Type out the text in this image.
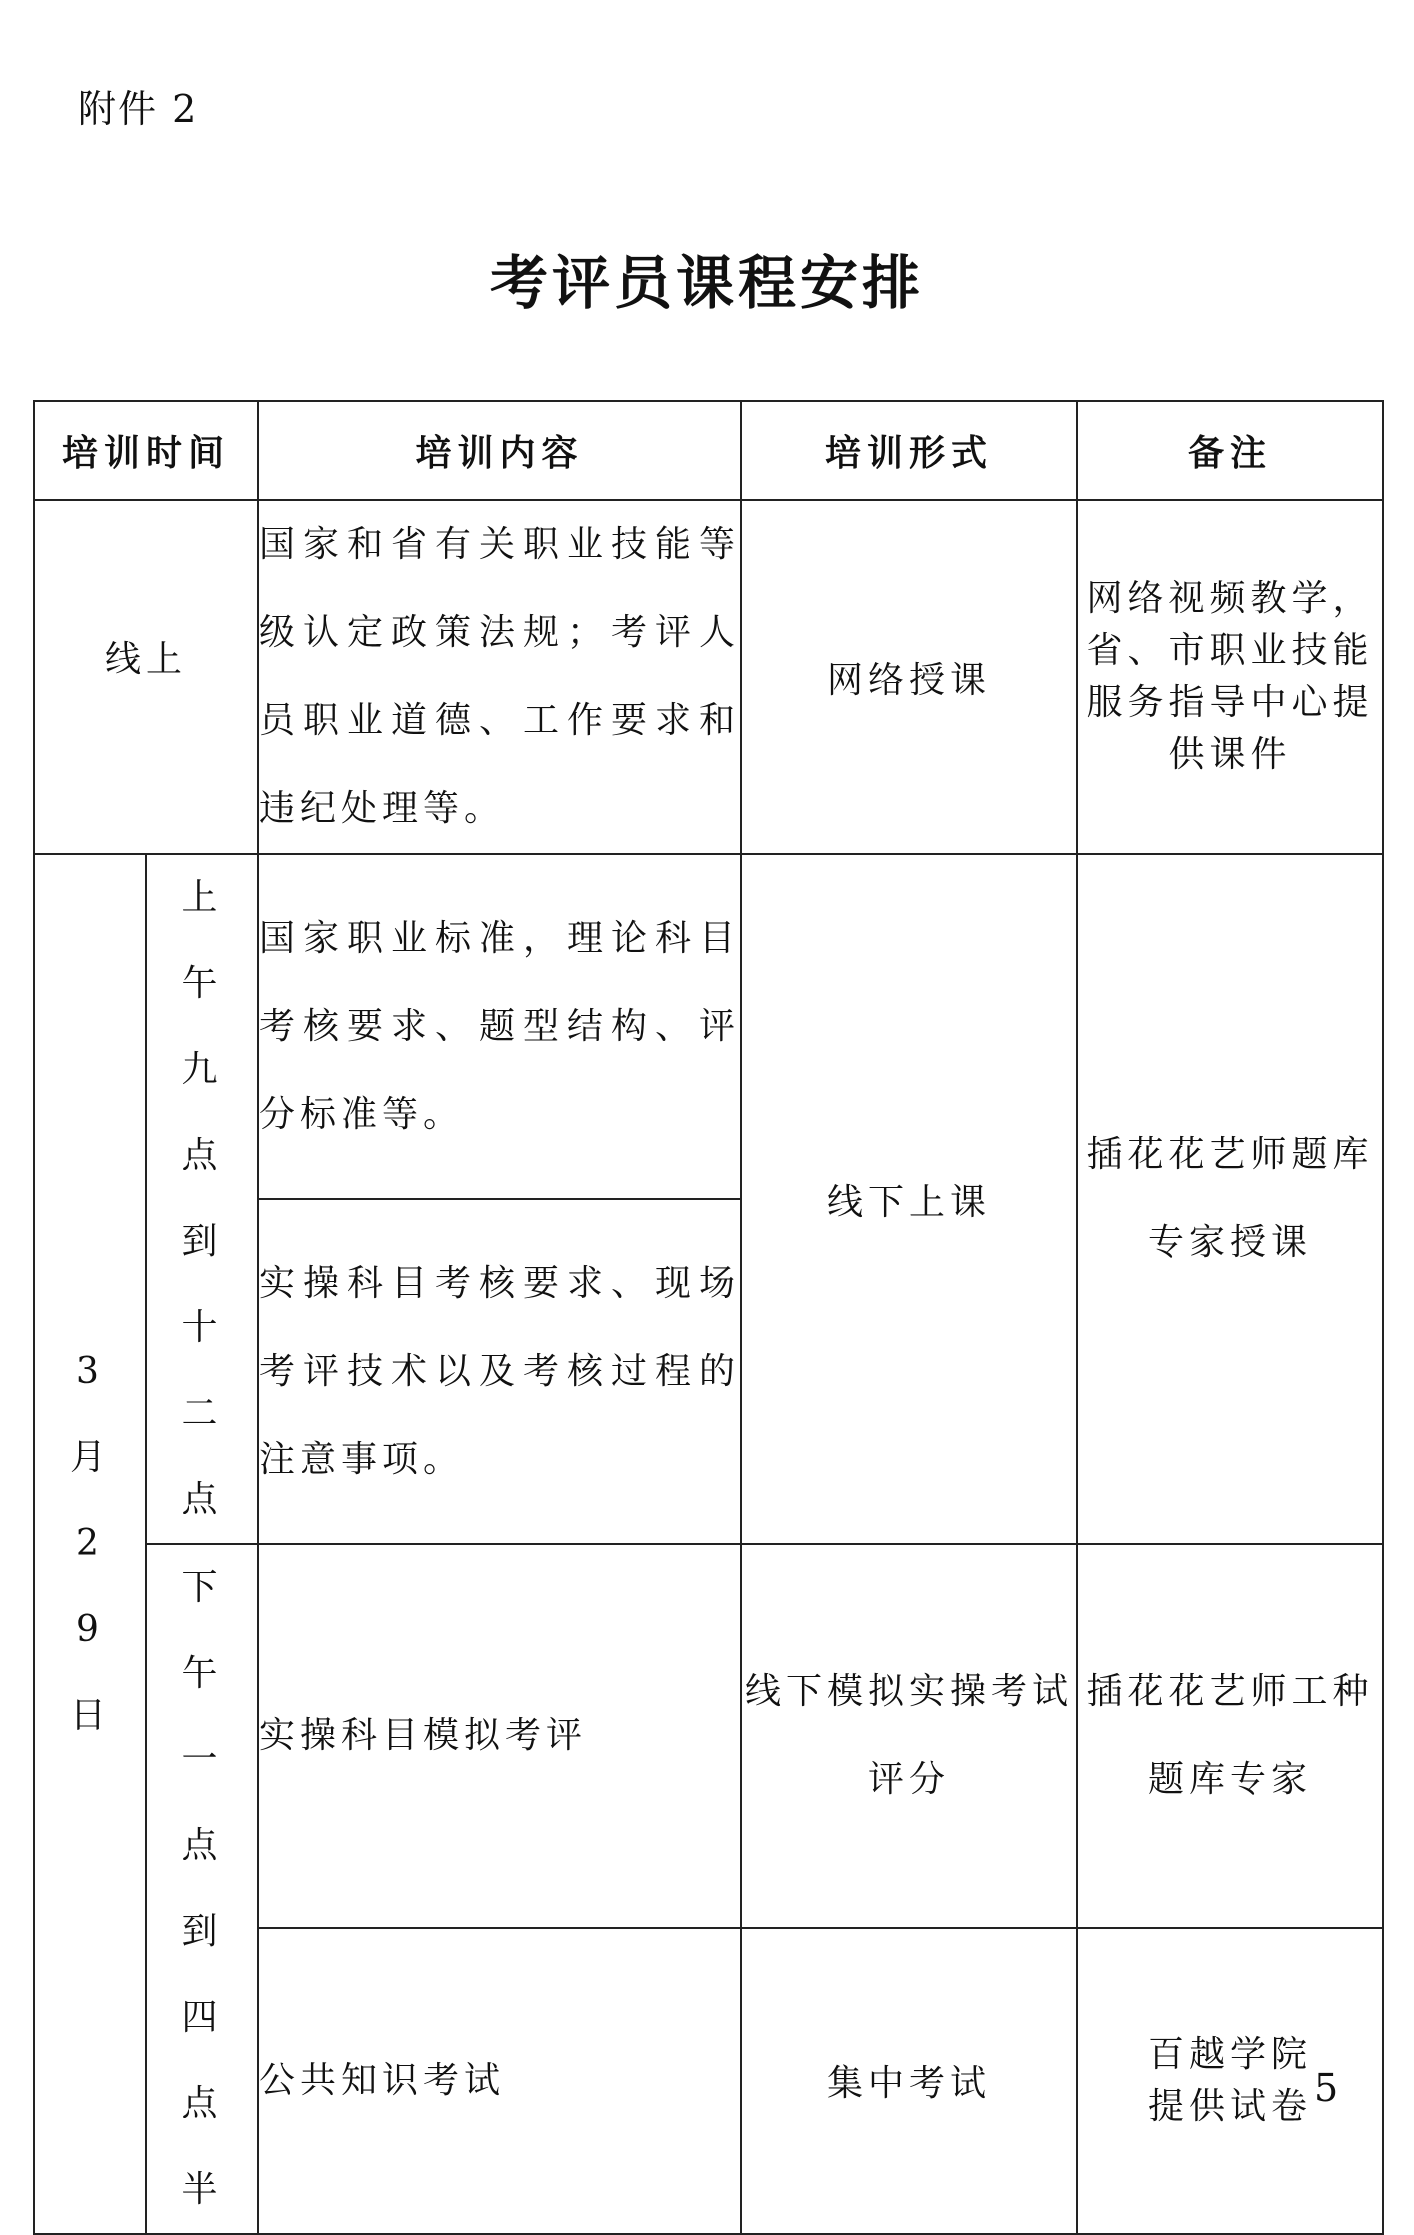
附件 2
考评员课程安排
培训时间		培训内容	培训形式	备注
线上		国家和省有关职业技能等级认定政策法规；考评人员职业道德、工作要求和违纪处理等。	网络授课	网络视频教学，省、市职业技能服务指导中心提供课件

3月29日	上午九点到十二点	国家职业标准，理论科目考核要求、题型结构、评分标准等。	线下上课	插花花艺师题库专家授课
		实操科目考核要求、现场考评技术以及考核过程的注意事项。		

	下午一点到四点半	实操科目模拟考评	线下模拟实操考试评分	插花花艺师工种题库专家
		公共知识考试	集中考试	百越学院提供试卷 5
